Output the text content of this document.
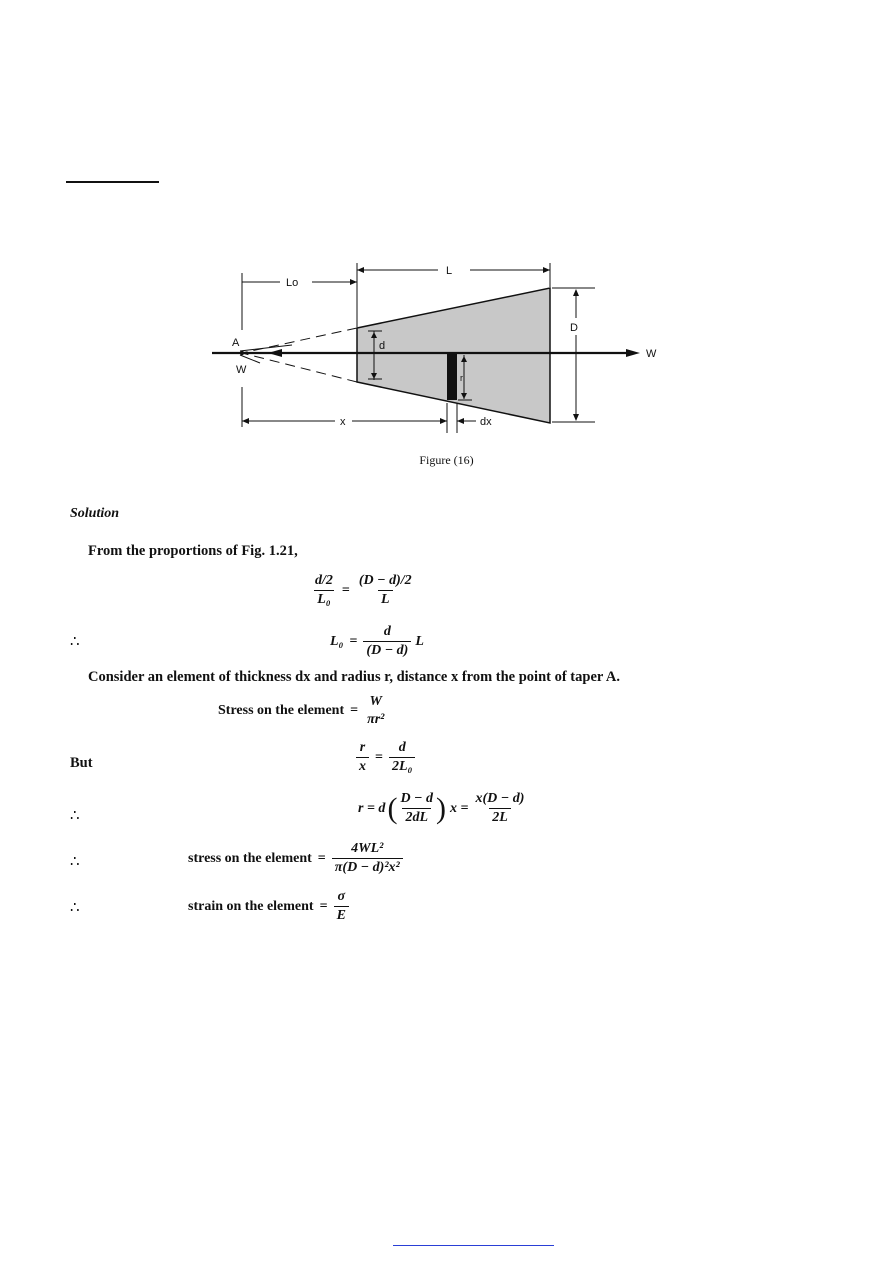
Lo
L
D
d
A
W
W
r
x	dx
Figure (16)
Solution
From the proportions of Fig. 1.21,
$\frac{d/2}{\text{L₀}} = \frac{(D - d)/2}{L}$
∴	$L_0 = \frac{d}{(D - d)}$ L
Consider an element of thickness dx and radius r, distance x from the point of taper A.
Stress on the element =
W
πr²
But	$\frac{r}{x} = \frac{d}{\text{2L₀}}$
∴	r = d ( $\frac{D - d}{2dL}$ ) $x = \frac{x(D - d)}{2L}$
∴	stress on the element = $\frac{\text{4WL²}}{\text{π(D − d)²x²}}$
∴	strain on the element = $\frac{\sigma}{E}$
